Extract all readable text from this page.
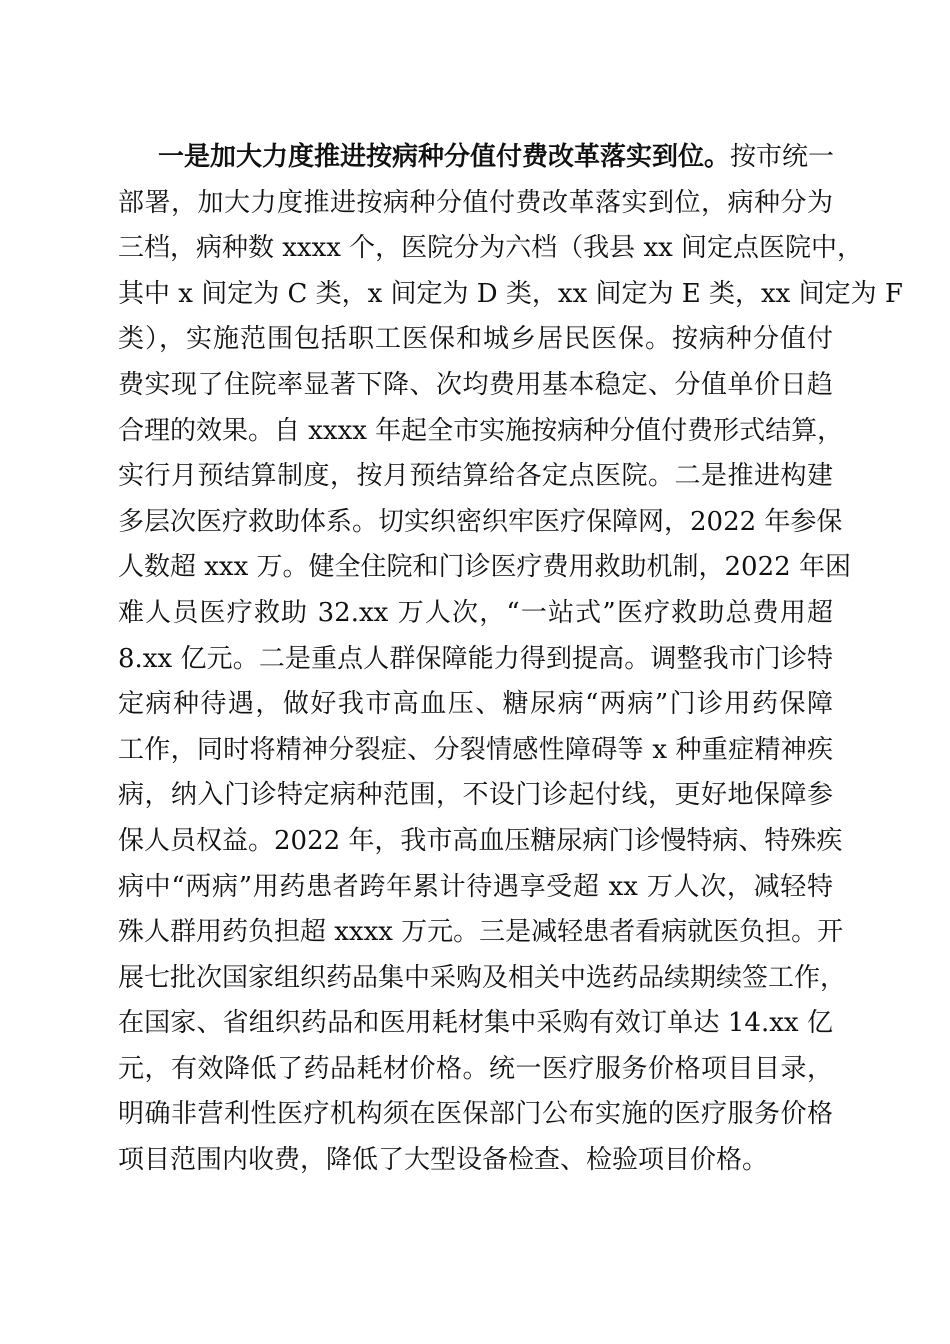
一是加大力度推进按病种分值付费改革落实到位。按市统一
部署，加大力度推进按病种分值付费改革落实到位，病种分为
三档，病种数 xxxx 个，医院分为六档（我县 xx 间定点医院中，
其中 x 间定为 C 类，x 间定为 D 类，xx 间定为 E 类，xx 间定为 F
类），实施范围包括职工医保和城乡居民医保。按病种分值付
费实现了住院率显著下降、次均费用基本稳定、分值单价日趋
合理的效果。自 xxxx 年起全市实施按病种分值付费形式结算，
实行月预结算制度，按月预结算给各定点医院。二是推进构建
多层次医疗救助体系。切实织密织牢医疗保障网，2022 年参保
人数超 xxx 万。健全住院和门诊医疗费用救助机制，2022 年困
难人员医疗救助 32.xx 万人次，“一站式”医疗救助总费用超
8.xx 亿元。二是重点人群保障能力得到提高。调整我市门诊特
定病种待遇，做好我市高血压、糖尿病“两病”门诊用药保障
工作，同时将精神分裂症、分裂情感性障碍等 x 种重症精神疾
病，纳入门诊特定病种范围，不设门诊起付线，更好地保障参
保人员权益。2022 年，我市高血压糖尿病门诊慢特病、特殊疾
病中“两病”用药患者跨年累计待遇享受超 xx 万人次，减轻特
殊人群用药负担超 xxxx 万元。三是减轻患者看病就医负担。开
展七批次国家组织药品集中采购及相关中选药品续期续签工作，
在国家、省组织药品和医用耗材集中采购有效订单达 14.xx 亿
元，有效降低了药品耗材价格。统一医疗服务价格项目目录，
明确非营利性医疗机构须在医保部门公布实施的医疗服务价格
项目范围内收费，降低了大型设备检查、检验项目价格。
